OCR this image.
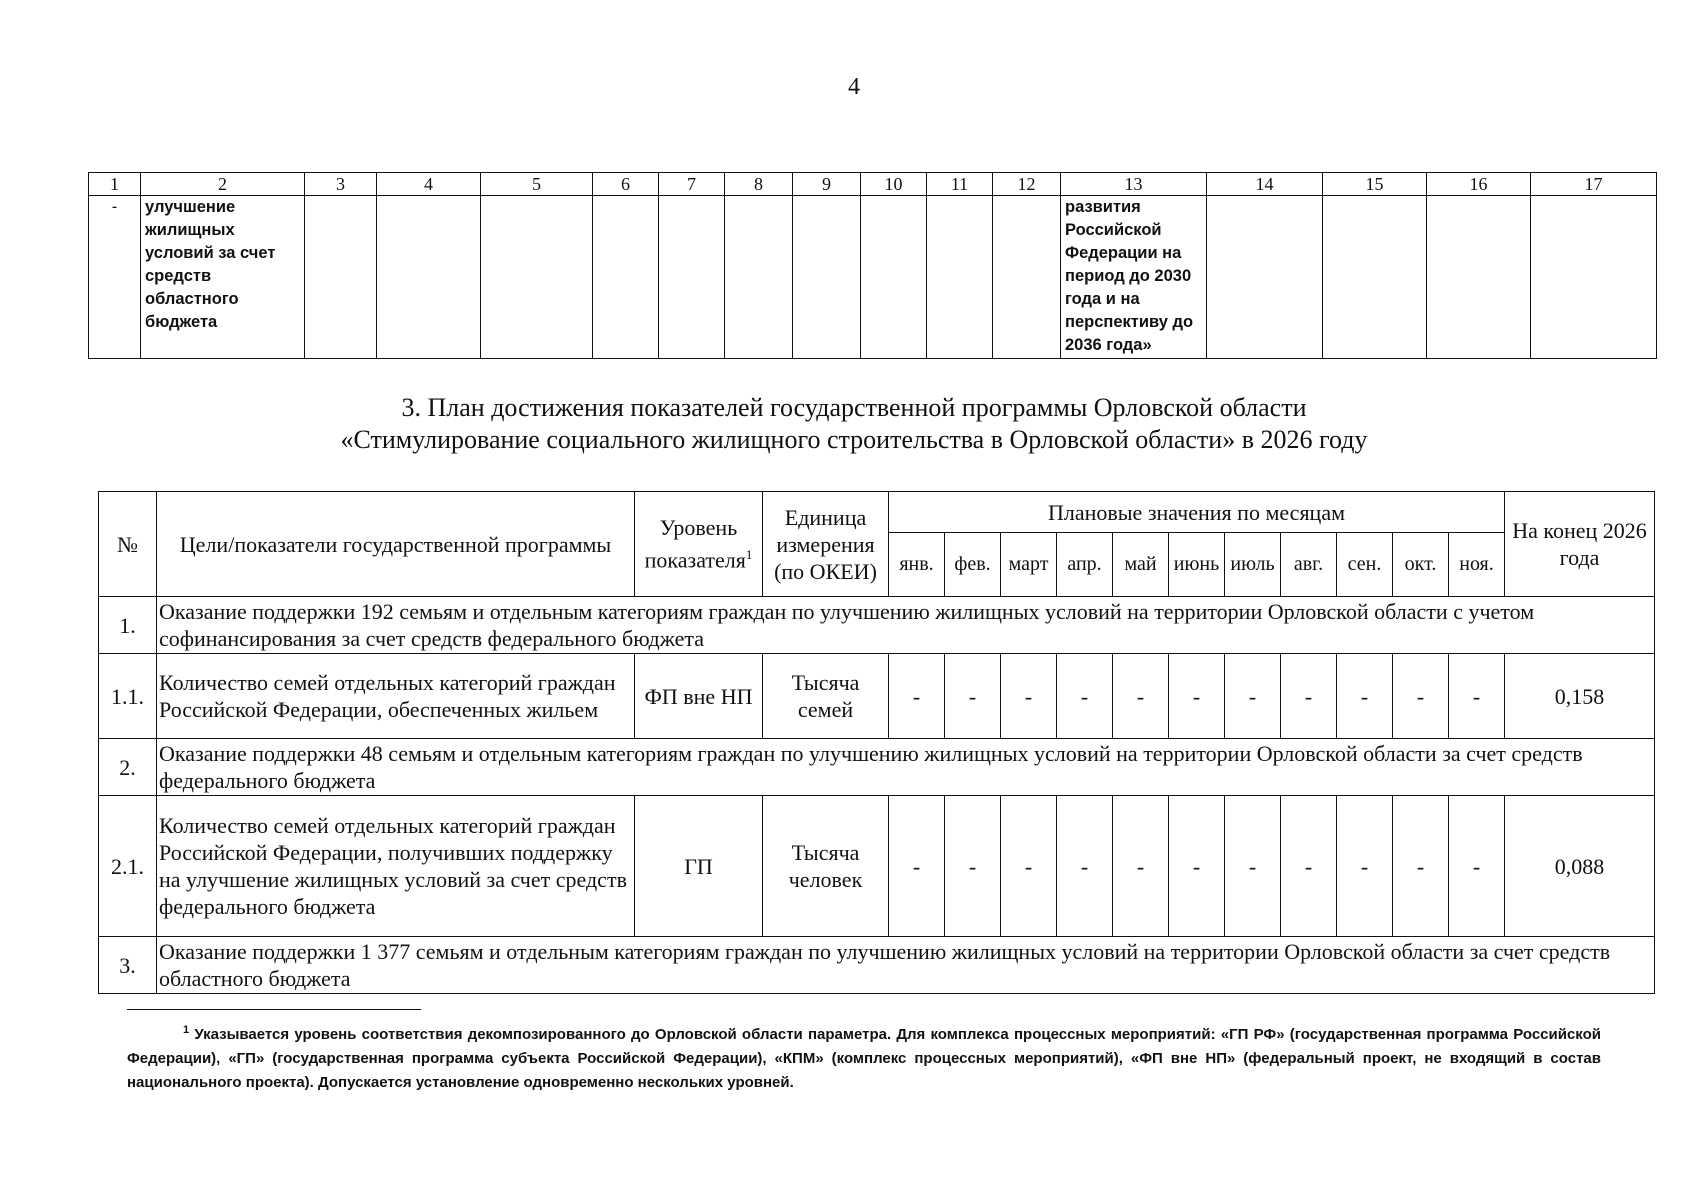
4
1	2	3	4	5	6	7	8	9	10	11	12	13	14	15	16	17
-	улучшение жилищных условий за счет средств областного бюджета											развития Российской Федерации на период до 2030 года и на перспективу до 2036 года»				
3. План достижения показателей государственной программы Орловской области
«Стимулирование социального жилищного строительства в Орловской области» в 2026 году
№	Цели/показатели государственной программы	Уровень показателя$^1$	Единица измерения (по ОКЕИ)	Плановые значения по месяцам											На конец 2026 года
				янв.	фев.	март	апр.	май	июнь	июль	авг.	сен.	окт.	ноя.	
1.	Оказание поддержки 192 семьям и отдельным категориям граждан по улучшению жилищных условий на территории Орловской области с учетом софинансирования за счет средств федерального бюджета														
1.1.	Количество семей отдельных категорий граждан Российской Федерации, обеспеченных жильем	ФП вне НП	Тысяча семей	-	-	-	-	-	-	-	-	-	-	-	0,158
2.	Оказание поддержки 48 семьям и отдельным категориям граждан по улучшению жилищных условий на территории Орловской области за счет средств федерального бюджета														
2.1.	Количество семей отдельных категорий граждан Российской Федерации, получивших поддержку на улучшение жилищных условий за счет средств федерального бюджета	ГП	Тысяча человек	-	-	-	-	-	-	-	-	-	-	-	0,088
3.	Оказание поддержки 1 377 семьям и отдельным категориям граждан по улучшению жилищных условий на территории Орловской области за счет средств областного бюджета														
$^1$ Указывается уровень соответствия декомпозированного до Орловской области параметра. Для комплекса процессных мероприятий: «ГП РФ» (государственная программа Российской Федерации), «ГП» (государственная программа субъекта Российской Федерации), «КПМ» (комплекс процессных мероприятий), «ФП вне НП» (федеральный проект, не входящий в состав национального проекта). Допускается установление одновременно нескольких уровней.
